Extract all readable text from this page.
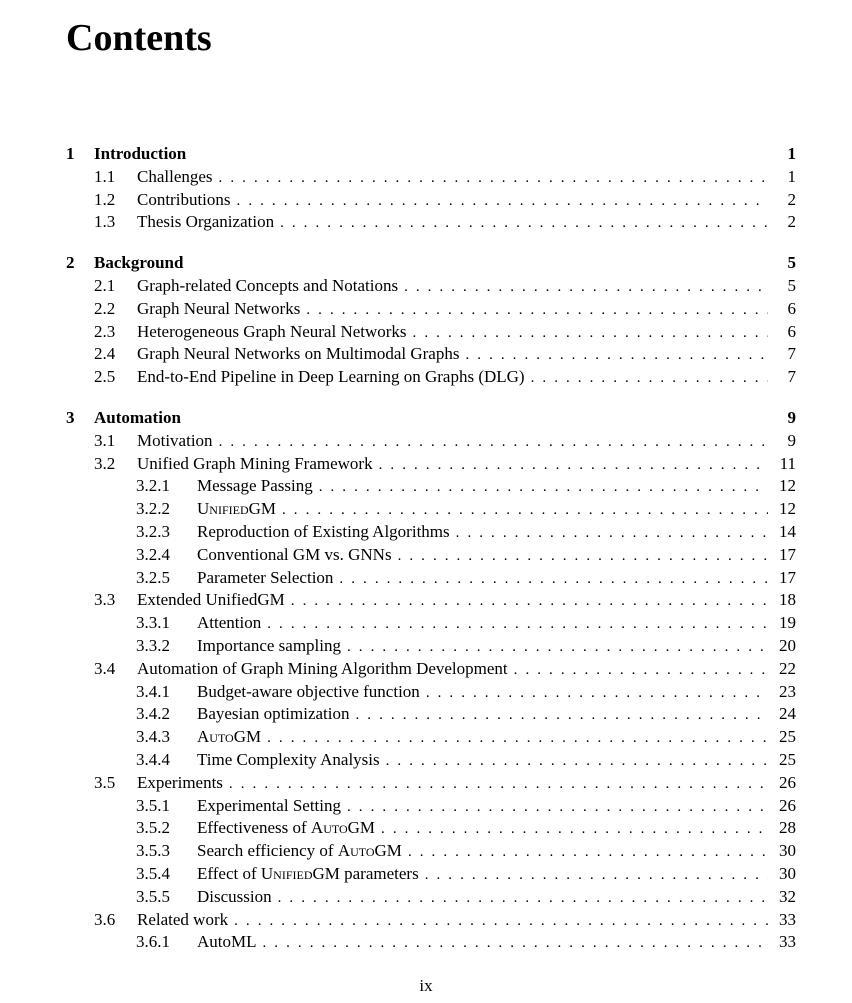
Contents
1	Introduction	1
1.1	Challenges . . .	1
1.2	Contributions . . .	2
1.3	Thesis Organization . . .	2
2	Background	5
2.1	Graph-related Concepts and Notations . . .	5
2.2	Graph Neural Networks . . .	6
2.3	Heterogeneous Graph Neural Networks . . .	6
2.4	Graph Neural Networks on Multimodal Graphs . . .	7
2.5	End-to-End Pipeline in Deep Learning on Graphs (DLG) . . .	7
3	Automation	9
3.1	Motivation . . .	9
3.2	Unified Graph Mining Framework . . .	11
3.2.1	Message Passing . . .	12
3.2.2	UnifiedGM . . .	12
3.2.3	Reproduction of Existing Algorithms . . .	14
3.2.4	Conventional GM vs. GNNs . . .	17
3.2.5	Parameter Selection . . .	17
3.3	Extended UnifiedGM . . .	18
3.3.1	Attention . . .	19
3.3.2	Importance sampling . . .	20
3.4	Automation of Graph Mining Algorithm Development . . .	22
3.4.1	Budget-aware objective function . . .	23
3.4.2	Bayesian optimization . . .	24
3.4.3	AutoGM . . .	25
3.4.4	Time Complexity Analysis . . .	25
3.5	Experiments . . .	26
3.5.1	Experimental Setting . . .	26
3.5.2	Effectiveness of AutoGM . . .	28
3.5.3	Search efficiency of AutoGM . . .	30
3.5.4	Effect of UnifiedGM parameters . . .	30
3.5.5	Discussion . . .	32
3.6	Related work . . .	33
3.6.1	AutoML . . .	33
ix
